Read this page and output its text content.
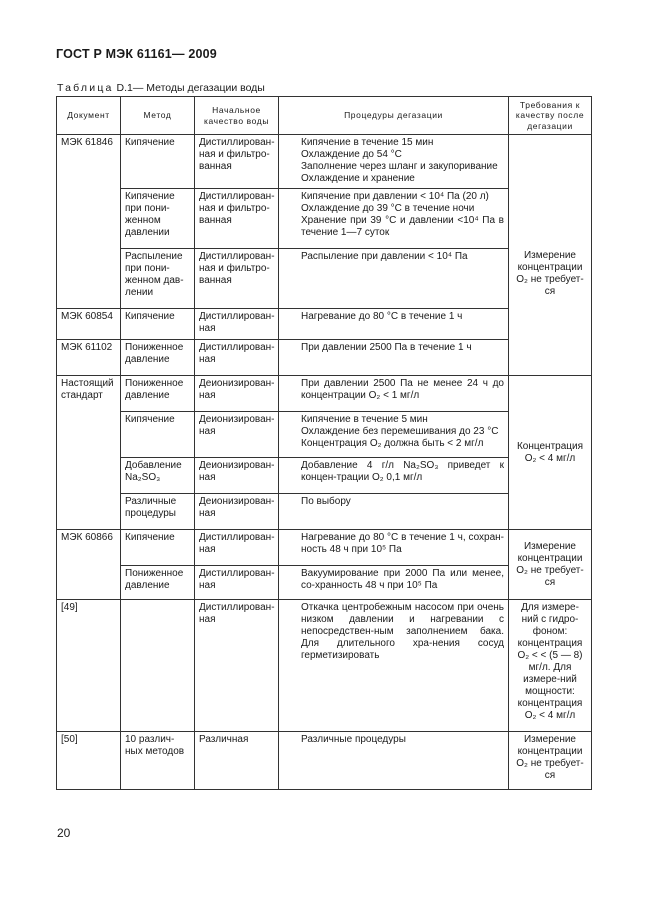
ГОСТ Р МЭК 61161— 2009
Таблица D.1— Методы дегазации воды
Документ	Метод	Начальное качество воды	Процедуры дегазации	Требования к качеству после дегазации
МЭК 61846	Кипячение	Дистиллирован-ная и фильтро-ванная	Кипячение в течение 15 мин
Охлаждение до 54 °С
Заполнение через шланг и закупоривание
Охлаждение и хранение	Измерение концентрации O₂ не требует-ся
	Кипячение при пони-женном давлении	Дистиллирован-ная и фильтро-ванная	Кипячение при давлении < 10⁴ Па (20 л)
Охлаждение до 39 °С в течение ночи
Хранение при 39 °С и давлении <10⁴ Па в течение 1—7 суток	

	Распыление при пони-женном дав-лении	Дистиллирован-ная и фильтро-ванная	Распыление при давлении < 10⁴ Па	

МЭК 60854	Кипячение	Дистиллирован-ная	Нагревание до 80 °С в течение 1 ч	

МЭК 61102	Пониженное давление	Дистиллирован-ная	При давлении 2500 Па в течение 1 ч	

Настоящий стандарт	Пониженное давление	Деионизирован-ная	При давлении 2500 Па не менее 24 ч до концентрации O₂ < 1 мг/л	Концентрация O₂ < 4 мг/л
	Кипячение	Деионизирован-ная	Кипячение в течение 5 мин
Охлаждение без перемешивания до 23 °С
Концентрация O₂ должна быть < 2 мг/л	

	Добавление Na₂SO₃	Деионизирован-ная	Добавление 4 г/л Na₂SO₃ приведет к концен-трации O₂ 0,1 мг/л	

	Различные процедуры	Деионизирован-ная	По выбору	

МЭК 60866	Кипячение	Дистиллирован-ная	Нагревание до 80 °С в течение 1 ч, сохран-ность 48 ч при 10⁵ Па	Измерение концентрации O₂ не требует-ся
	Пониженное давление	Дистиллирован-ная	Вакуумирование при 2000 Па или менее, со-хранность 48 ч при 10⁵ Па	

[49]		Дистиллирован-ная	Откачка центробежным насосом при очень низком давлении и нагревании с непосредствен-ным заполнением бака. Для длительного хра-нения сосуд герметизировать	Для измере-ний с гидро-фоном: концентрация O₂ < < (5 — 8) мг/л. Для измере-ний мощности: концентрация O₂ < 4 мг/л
[50]	10 различ-ных методов	Различная	Различные процедуры	Измерение концентрации O₂ не требует-ся
20
